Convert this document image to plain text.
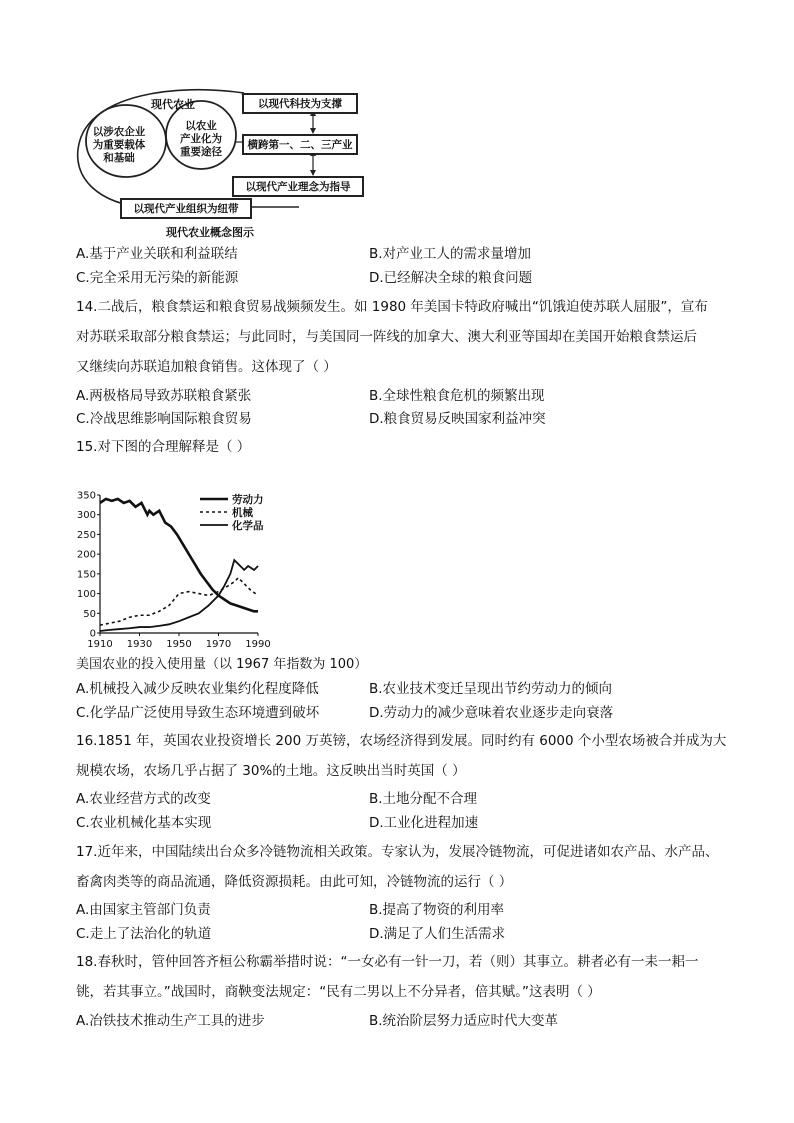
现代农业
以涉农企业
为重要载体
和基础
以农业
产业化为
重要途径
以现代科技为支撑
横跨第一、二、三产业
以现代产业理念为指导
以现代产业组织为纽带
现代农业概念图示
A.基于产业关联和利益联结	B.对产业工人的需求量增加
C.完全采用无污染的新能源	D.已经解决全球的粮食问题
14.二战后，粮食禁运和粮食贸易战频频发生。如 1980 年美国卡特政府喊出“饥饿迫使苏联人屈服”，宣布
对苏联采取部分粮食禁运；与此同时，与美国同一阵线的加拿大、澳大利亚等国却在美国开始粮食禁运后
又继续向苏联追加粮食销售。这体现了（ ）
A.两极格局导致苏联粮食紧张	B.全球性粮食危机的频繁出现
C.冷战思维影响国际粮食贸易	D.粮食贸易反映国家利益冲突
15.对下图的合理解释是（ ）
0
50
100
150
200
250
300
350
1910 1930 1950 1970 1990
劳动力
机械
化学品
美国农业的投入使用量（以 1967 年指数为 100）
A.机械投入减少反映农业集约化程度降低	B.农业技术变迁呈现出节约劳动力的倾向
C.化学品广泛使用导致生态环境遭到破坏	D.劳动力的减少意味着农业逐步走向衰落
16.1851 年，英国农业投资增长 200 万英镑，农场经济得到发展。同时约有 6000 个小型农场被合并成为大
规模农场，农场几乎占据了 30%的土地。这反映出当时英国（ ）
A.农业经营方式的改变	B.土地分配不合理
C.农业机械化基本实现	D.工业化进程加速
17.近年来，中国陆续出台众多冷链物流相关政策。专家认为，发展冷链物流，可促进诸如农产品、水产品、
畜禽肉类等的商品流通，降低资源损耗。由此可知，冷链物流的运行（ ）
A.由国家主管部门负责	B.提高了物资的利用率
C.走上了法治化的轨道	D.满足了人们生活需求
18.春秋时，管仲回答齐桓公称霸举措时说：“一女必有一针一刀，若（则）其事立。耕者必有一耒一耜一
铫，若其事立。”战国时，商鞅变法规定：“民有二男以上不分异者，倍其赋。”这表明（ ）
A.冶铁技术推动生产工具的进步	B.统治阶层努力适应时代大变革
